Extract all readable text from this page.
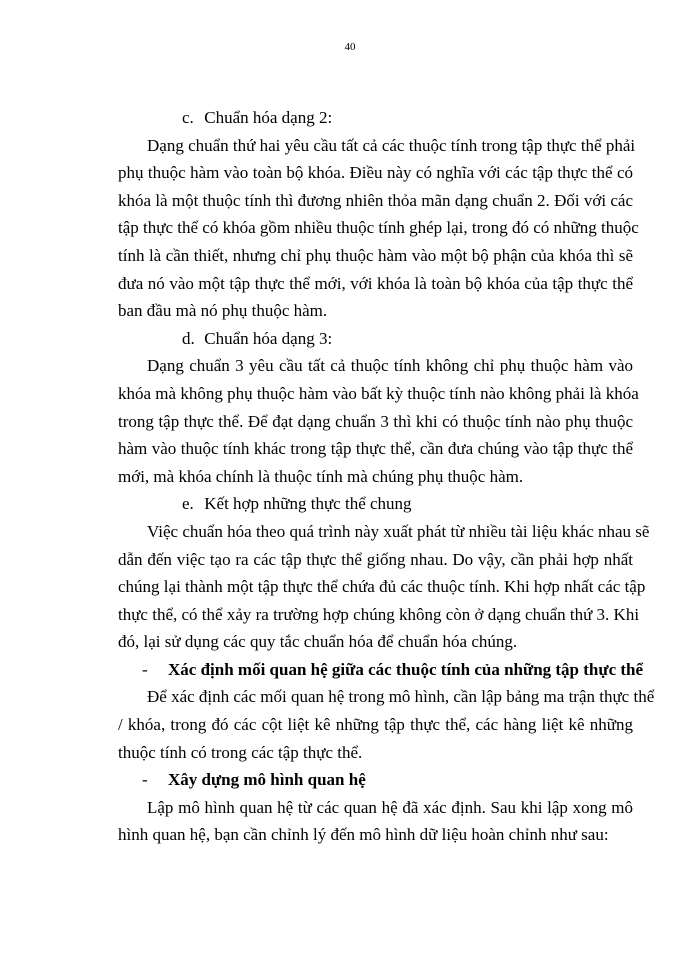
40
c. Chuẩn hóa dạng 2:
Dạng chuẩn thứ hai yêu cầu tất cả các thuộc tính trong tập thực thể phải
phụ thuộc hàm vào toàn bộ khóa. Điều này có nghĩa với các tập thực thể có
khóa là một thuộc tính thì đương nhiên thỏa mãn dạng chuẩn 2. Đối với các
tập thực thể có khóa gồm nhiều thuộc tính ghép lại, trong đó có những thuộc
tính là cần thiết, nhưng chỉ phụ thuộc hàm vào một bộ phận của khóa thì sẽ
đưa nó vào một tập thực thể mới, với khóa là toàn bộ khóa của tập thực thể
ban đầu mà nó phụ thuộc hàm.
d. Chuẩn hóa dạng 3:
Dạng chuẩn 3 yêu cầu tất cả thuộc tính không chỉ phụ thuộc hàm vào
khóa mà không phụ thuộc hàm vào bất kỳ thuộc tính nào không phải là khóa
trong tập thực thể. Để đạt dạng chuẩn 3 thì khi có thuộc tính nào phụ thuộc
hàm vào thuộc tính khác trong tập thực thể, cần đưa chúng vào tập thực thể
mới, mà khóa chính là thuộc tính mà chúng phụ thuộc hàm.
e. Kết hợp những thực thể chung
Việc chuẩn hóa theo quá trình này xuất phát từ nhiều tài liệu khác nhau sẽ
dẫn đến việc tạo ra các tập thực thể giống nhau. Do vậy, cần phải hợp nhất
chúng lại thành một tập thực thể chứa đủ các thuộc tính. Khi hợp nhất các tập
thực thể, có thể xảy ra trường hợp chúng không còn ở dạng chuẩn thứ 3. Khi
đó, lại sử dụng các quy tắc chuẩn hóa để chuẩn hóa chúng.
- Xác định mối quan hệ giữa các thuộc tính của những tập thực thể
Để xác định các mối quan hệ trong mô hình, cần lập bảng ma trận thực thể
/ khóa, trong đó các cột liệt kê những tập thực thể, các hàng liệt kê những
thuộc tính có trong các tập thực thể.
- Xây dựng mô hình quan hệ
Lập mô hình quan hệ từ các quan hệ đã xác định. Sau khi lập xong mô
hình quan hệ, bạn cần chỉnh lý đến mô hình dữ liệu hoàn chỉnh như sau:
